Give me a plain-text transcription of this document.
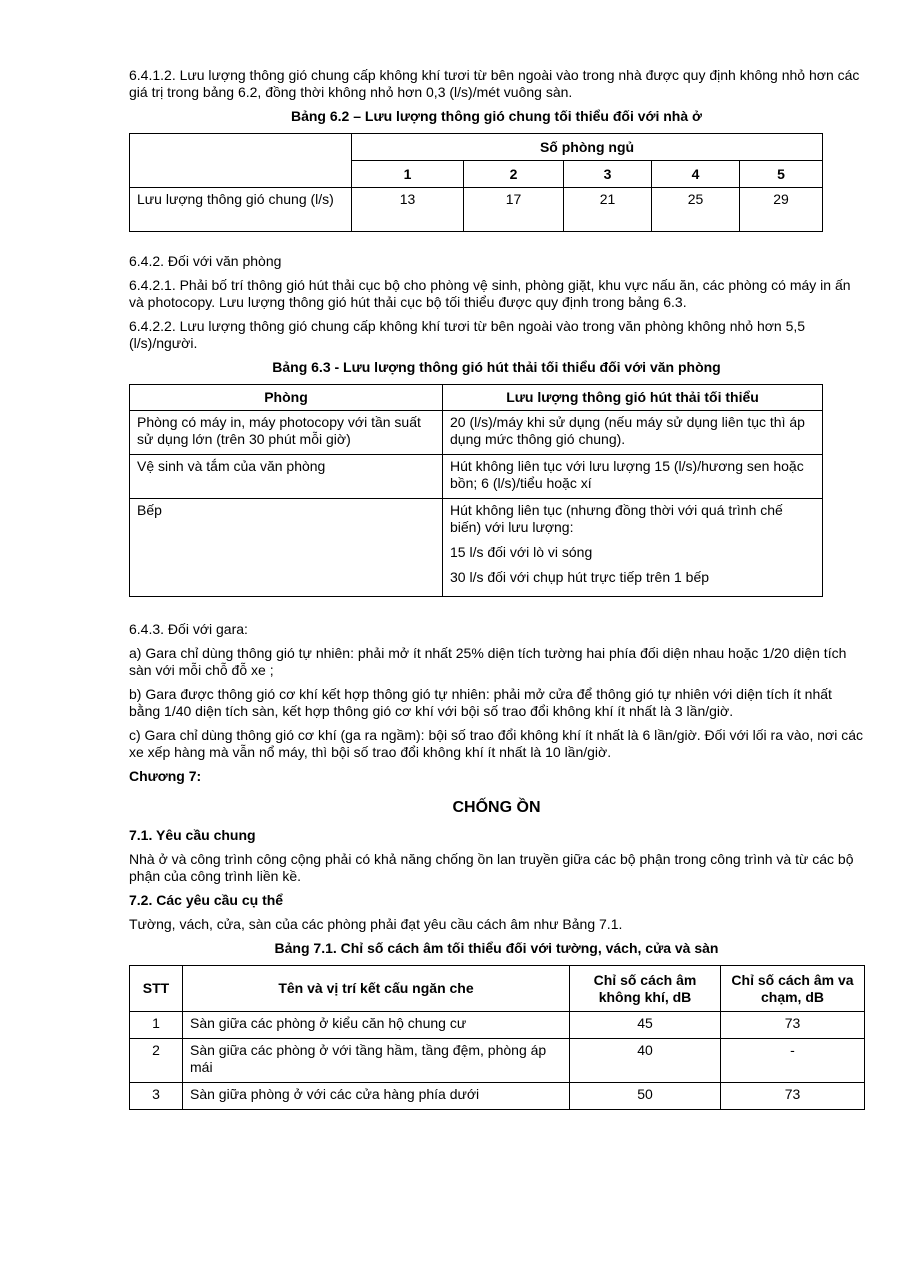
6.4.1.2. Lưu lượng thông gió chung cấp không khí tươi từ bên ngoài vào trong nhà được quy định không nhỏ hơn các giá trị trong bảng 6.2, đồng thời không nhỏ hơn 0,3 (l/s)/mét vuông sàn.

Bảng 6.2 – Lưu lượng thông gió chung tối thiểu đối với nhà ở

	Số phòng ngủ				
	1	2	3	4	5
Lưu lượng thông gió chung (l/s)	13	17	21	25	29

6.4.2. Đối với văn phòng

6.4.2.1. Phải bố trí thông gió hút thải cục bộ cho phòng vệ sinh, phòng giặt, khu vực nấu ăn, các phòng có máy in ấn và photocopy. Lưu lượng thông gió hút thải cục bộ tối thiểu được quy định trong bảng 6.3.

6.4.2.2. Lưu lượng thông gió chung cấp không khí tươi từ bên ngoài vào trong văn phòng không nhỏ hơn 5,5 (l/s)/người.

Bảng 6.3 - Lưu lượng thông gió hút thải tối thiểu đối với văn phòng

Phòng	Lưu lượng thông gió hút thải tối thiểu
Phòng có máy in, máy photocopy với tần suất sử dụng lớn (trên 30 phút mỗi giờ)	20 (l/s)/máy khi sử dụng (nếu máy sử dụng liên tục thì áp dụng mức thông gió chung).

Vệ sinh và tắm của văn phòng	Hút không liên tục với lưu lượng 15 (l/s)/hương sen hoặc bồn; 6 (l/s)/tiểu hoặc xí

Bếp	Hút không liên tục (nhưng đồng thời với quá trình chế biến) với lưu lượng:
15 l/s đối với lò vi sóng
30 l/s đối với chụp hút trực tiếp trên 1 bếp

6.4.3. Đối với gara:

a) Gara chỉ dùng thông gió tự nhiên: phải mở ít nhất 25% diện tích tường hai phía đối diện nhau hoặc 1/20 diện tích sàn với mỗi chỗ đỗ xe ;

b) Gara được thông gió cơ khí kết hợp thông gió tự nhiên: phải mở cửa để thông gió tự nhiên với diện tích ít nhất bằng 1/40 diện tích sàn, kết hợp thông gió cơ khí với bội số trao đổi không khí ít nhất là 3 lần/giờ.

c) Gara chỉ dùng thông gió cơ khí (ga ra ngầm): bội số trao đổi không khí ít nhất là 6 lần/giờ. Đối với lối ra vào, nơi các xe xếp hàng mà vẫn nổ máy, thì bội số trao đổi không khí ít nhất là 10 lần/giờ.

Chương 7:

CHỐNG ỒN

7.1. Yêu cầu chung

Nhà ở và công trình công cộng phải có khả năng chống ồn lan truyền giữa các bộ phận trong công trình và từ các bộ phận của công trình liền kề.

7.2. Các yêu cầu cụ thể

Tường, vách, cửa, sàn của các phòng phải đạt yêu cầu cách âm như Bảng 7.1.

Bảng 7.1. Chỉ số cách âm tối thiểu đối với tường, vách, cửa và sàn

STT	Tên và vị trí kết cấu ngăn che	Chỉ số cách âm không khí, dB	Chỉ số cách âm va chạm, dB
1	Sàn giữa các phòng ở kiểu căn hộ chung cư	45	73
2	Sàn giữa các phòng ở với tầng hầm, tầng đệm, phòng áp mái	40	-
3	Sàn giữa phòng ở với các cửa hàng phía dưới	50	73
